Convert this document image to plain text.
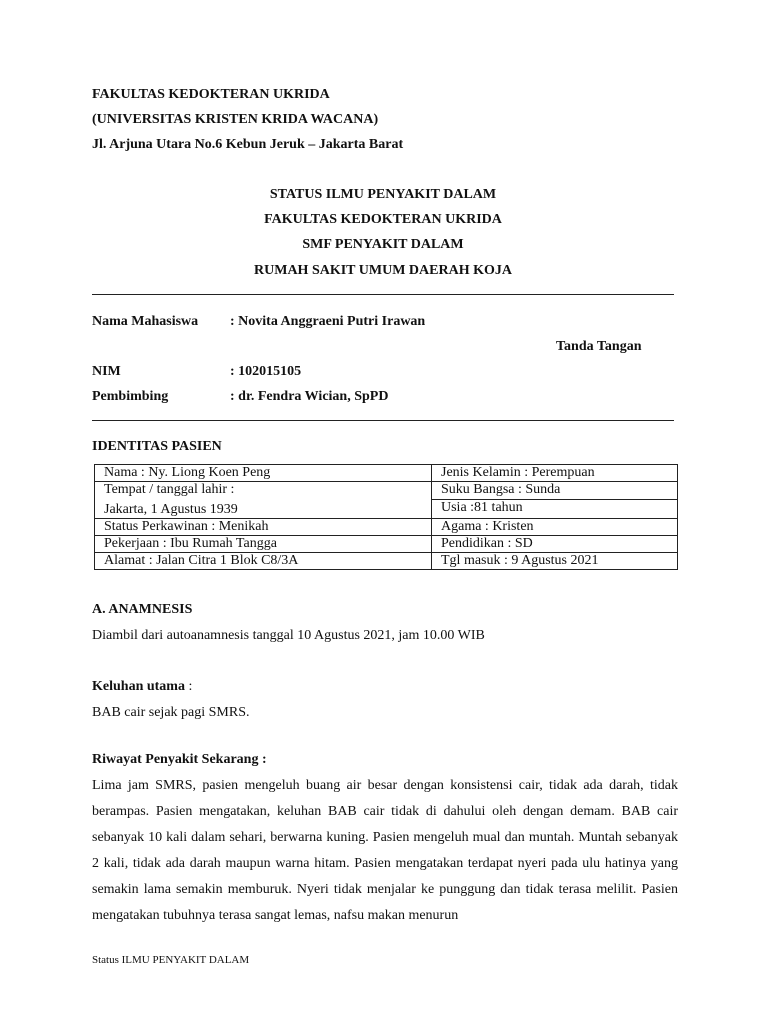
FAKULTAS KEDOKTERAN UKRIDA
(UNIVERSITAS KRISTEN KRIDA WACANA)
Jl. Arjuna Utara No.6 Kebun Jeruk – Jakarta Barat
STATUS ILMU PENYAKIT DALAM
FAKULTAS KEDOKTERAN UKRIDA
SMF PENYAKIT DALAM
RUMAH SAKIT UMUM DAERAH KOJA
Nama Mahasiswa : Novita Anggraeni Putri Irawan
Tanda Tangan
NIM	: 102015105
Pembimbing	: dr. Fendra Wician, SpPD
IDENTITAS PASIEN
Nama : Ny. Liong Koen Peng	Jenis Kelamin : Perempuan

Tempat / tanggal lahir :
Jakarta, 1 Agustus 1939	Suku Bangsa : Sunda
	Usia :81 tahun
Status Perkawinan : Menikah	Agama : Kristen
Pekerjaan : Ibu Rumah Tangga	Pendidikan : SD
Alamat : Jalan Citra 1 Blok C8/3A	Tgl masuk : 9 Agustus 2021
A. ANAMNESIS
Diambil dari autoanamnesis tanggal 10 Agustus 2021, jam 10.00 WIB
Keluhan utama :
BAB cair sejak pagi SMRS.
Riwayat Penyakit Sekarang :
Lima jam SMRS, pasien mengeluh buang air besar dengan konsistensi cair, tidak ada darah, tidak berampas. Pasien mengatakan, keluhan BAB cair tidak di dahului oleh dengan demam. BAB cair sebanyak 10 kali dalam sehari, berwarna kuning. Pasien mengeluh mual dan muntah. Muntah sebanyak 2 kali, tidak ada darah maupun warna hitam. Pasien mengatakan terdapat nyeri pada ulu hatinya yang semakin lama semakin memburuk. Nyeri tidak menjalar ke punggung dan tidak terasa melilit. Pasien mengatakan tubuhnya terasa sangat lemas, nafsu makan menurun
Status ILMU PENYAKIT DALAM
